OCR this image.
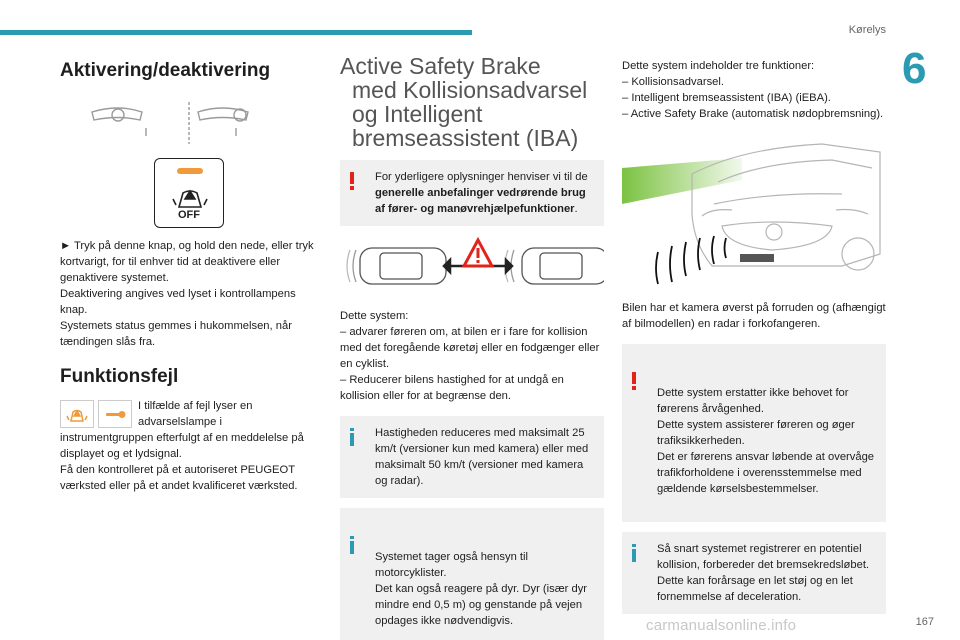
Kørelys
6
Aktivering/deaktivering
OFF

► Tryk på denne knap, og hold den nede, eller tryk kortvarigt, for til enhver tid at deaktivere eller genaktivere systemet.

Deaktivering angives ved lyset i kontrollampens knap.

Systemets status gemmes i hukommelsen, når tændingen slås fra.

Funktionsfejl

I tilfælde af fejl lyser en advarselslampe i

instrumentgruppen efterfulgt af en meddelelse på displayet og et lydsignal.

Få den kontrolleret på et autoriseret PEUGEOT værksted eller på et andet kvalificeret værksted.

Active Safety Brake
med Kollisionsadvarsel
og Intelligent
bremseassistent (IBA)
For yderligere oplysninger henviser vi til de generelle anbefalinger vedrørende brug af fører- og manøvrehjælpefunktioner.

Dette system:

– advarer føreren om, at bilen er i fare for kollision med det foregående køretøj eller en fodgænger eller en cyklist.

– Reducerer bilens hastighed for at undgå en kollision eller for at begrænse den.

Hastigheden reduceres med maksimalt 25 km/t (versioner kun med kamera) eller med maksimalt 50 km/t (versioner med kamera og radar).

Systemet tager også hensyn til motorcyklister.
Det kan også reagere på dyr. Dyr (især dyr mindre end 0,5 m) og genstande på vejen opdages ikke nødvendigvis.

Dette system indeholder tre funktioner:

– Kollisionsadvarsel.

– Intelligent bremseassistent (IBA) (iEBA).

– Active Safety Brake (automatisk nødopbremsning).

Bilen har et kamera øverst på forruden og (afhængigt af bilmodellen) en radar i forkofangeren.

Dette system erstatter ikke behovet for førerens årvågenhed.
Dette system assisterer føreren og øger trafiksikkerheden.
Det er førerens ansvar løbende at overvåge trafikforholdene i overensstemmelse med gældende kørselsbestemmelser.

Så snart systemet registrerer en potentiel kollision, forbereder det bremsekredsløbet. Dette kan forårsage en let støj og en let fornemmelse af deceleration.
carmanualsonline.info	167
